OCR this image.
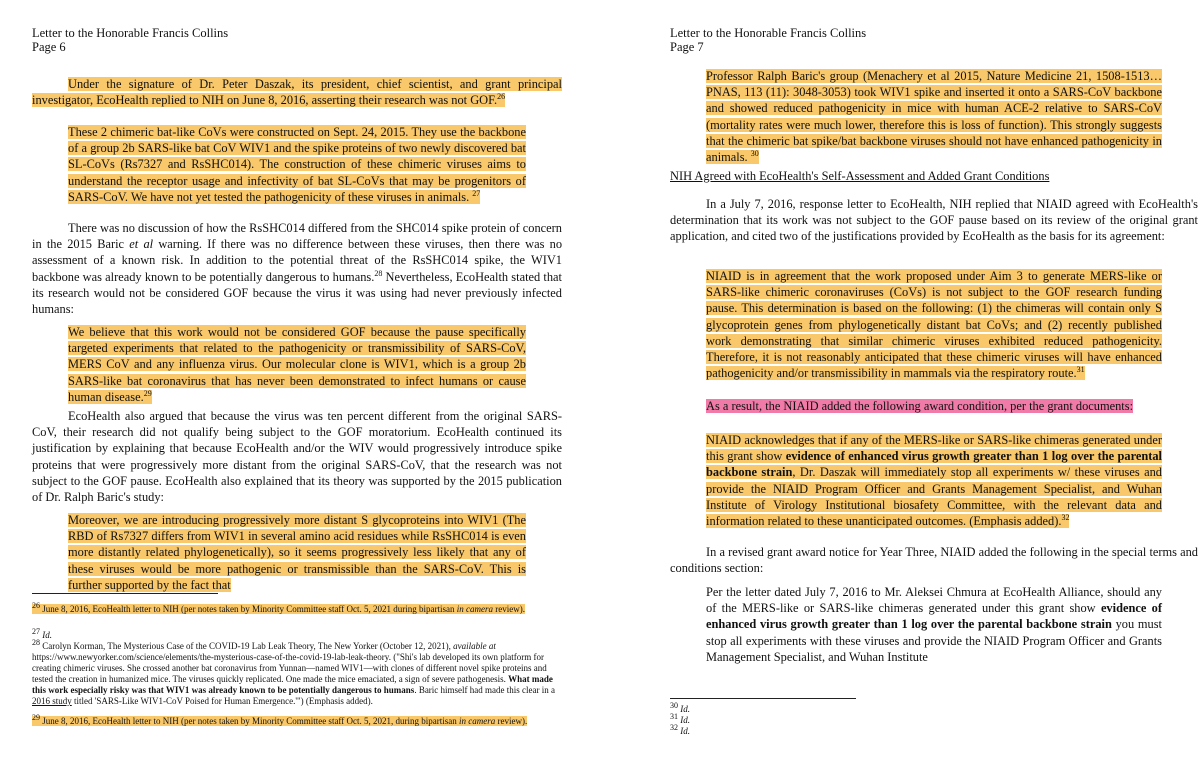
Letter to the Honorable Francis Collins
Page 6
Under the signature of Dr. Peter Daszak, its president, chief scientist, and grant principal investigator, EcoHealth replied to NIH on June 8, 2016, asserting their research was not GOF.$^{26}$
These 2 chimeric bat-like CoVs were constructed on Sept. 24, 2015. They use the backbone of a group 2b SARS-like bat CoV WIV1 and the spike proteins of two newly discovered bat SL-CoVs (Rs7327 and RsSHC014). The construction of these chimeric viruses aims to understand the receptor usage and infectivity of bat SL-CoVs that may be progenitors of SARS-CoV. We have not yet tested the pathogenicity of these viruses in animals. $^{27}$
There was no discussion of how the RsSHC014 differed from the SHC014 spike protein of concern in the 2015 Baric et al warning. If there was no difference between these viruses, then there was no assessment of a known risk. In addition to the potential threat of the RsSHC014 spike, the WIV1 backbone was already known to be potentially dangerous to humans.$^{28}$ Nevertheless, EcoHealth stated that its research would not be considered GOF because the virus it was using had never previously infected humans:
We believe that this work would not be considered GOF because the pause specifically targeted experiments that related to the pathogenicity or transmissibility of SARS-CoV, MERS CoV and any influenza virus. Our molecular clone is WIV1, which is a group 2b SARS-like bat coronavirus that has never been demonstrated to infect humans or cause human disease.$^{29}$
EcoHealth also argued that because the virus was ten percent different from the original SARS-CoV, their research did not qualify being subject to the GOF moratorium. EcoHealth continued its justification by explaining that because EcoHealth and/or the WIV would progressively introduce spike proteins that were progressively more distant from the original SARS-CoV, that the research was not subject to the GOF pause. EcoHealth also explained that its theory was supported by the 2015 publication of Dr. Ralph Baric's study:
Moreover, we are introducing progressively more distant S glycoproteins into WIV1 (The RBD of Rs7327 differs from WIV1 in several amino acid residues while RsSHC014 is even more distantly related phylogenetically), so it seems progressively less likely that any of these viruses would be more pathogenic or transmissible than the SARS-CoV. This is further supported by the fact that
$^{26}$ June 8, 2016, EcoHealth letter to NIH (per notes taken by Minority Committee staff Oct. 5, 2021 during bipartisan in camera review).
$^{27}$ Id.
$^{28}$ Carolyn Korman, The Mysterious Case of the COVID-19 Lab Leak Theory, The New Yorker (October 12, 2021), available at https://www.newyorker.com/science/elements/the-mysterious-case-of-the-covid-19-lab-leak-theory. ("Shi's lab developed its own platform for creating chimeric viruses. She crossed another bat coronavirus from Yunnan—named WIV1—with clones of different novel spike proteins and tested the creation in humanized mice. The viruses quickly replicated. One made the mice emaciated, a sign of severe pathogenesis. What made this work especially risky was that WIV1 was already known to be potentially dangerous to humans. Baric himself had made this clear in a 2016 study titled 'SARS-Like WIV1-CoV Poised for Human Emergence.'") (Emphasis added).
$^{29}$ June 8, 2016, EcoHealth letter to NIH (per notes taken by Minority Committee staff Oct. 5, 2021, during bipartisan in camera review).
Letter to the Honorable Francis Collins
Page 7
Professor Ralph Baric's group (Menachery et al 2015, Nature Medicine 21, 1508-1513…PNAS, 113 (11): 3048-3053) took WIV1 spike and inserted it onto a SARS-CoV backbone and showed reduced pathogenicity in mice with human ACE-2 relative to SARS-CoV (mortality rates were much lower, therefore this is loss of function). This strongly suggests that the chimeric bat spike/bat backbone viruses should not have enhanced pathogenicity in animals. $^{30}$
NIH Agreed with EcoHealth's Self-Assessment and Added Grant Conditions
In a July 7, 2016, response letter to EcoHealth, NIH replied that NIAID agreed with EcoHealth's determination that its work was not subject to the GOF pause based on its review of the original grant application, and cited two of the justifications provided by EcoHealth as the basis for its agreement:
NIAID is in agreement that the work proposed under Aim 3 to generate MERS-like or SARS-like chimeric coronaviruses (CoVs) is not subject to the GOF research funding pause. This determination is based on the following: (1) the chimeras will contain only S glycoprotein genes from phylogenetically distant bat CoVs; and (2) recently published work demonstrating that similar chimeric viruses exhibited reduced pathogenicity. Therefore, it is not reasonably anticipated that these chimeric viruses will have enhanced pathogenicity and/or transmissibility in mammals via the respiratory route.$^{31}$
As a result, the NIAID added the following award condition, per the grant documents:
NIAID acknowledges that if any of the MERS-like or SARS-like chimeras generated under this grant show evidence of enhanced virus growth greater than 1 log over the parental backbone strain, Dr. Daszak will immediately stop all experiments w/ these viruses and provide the NIAID Program Officer and Grants Management Specialist, and Wuhan Institute of Virology Institutional biosafety Committee, with the relevant data and information related to these unanticipated outcomes. (Emphasis added).$^{32}$
In a revised grant award notice for Year Three, NIAID added the following in the special terms and conditions section:
Per the letter dated July 7, 2016 to Mr. Aleksei Chmura at EcoHealth Alliance, should any of the MERS-like or SARS-like chimeras generated under this grant show evidence of enhanced virus growth greater than 1 log over the parental backbone strain you must stop all experiments with these viruses and provide the NIAID Program Officer and Grants Management Specialist, and Wuhan Institute
$^{30}$ Id.
$^{31}$ Id.
$^{32}$ Id.
